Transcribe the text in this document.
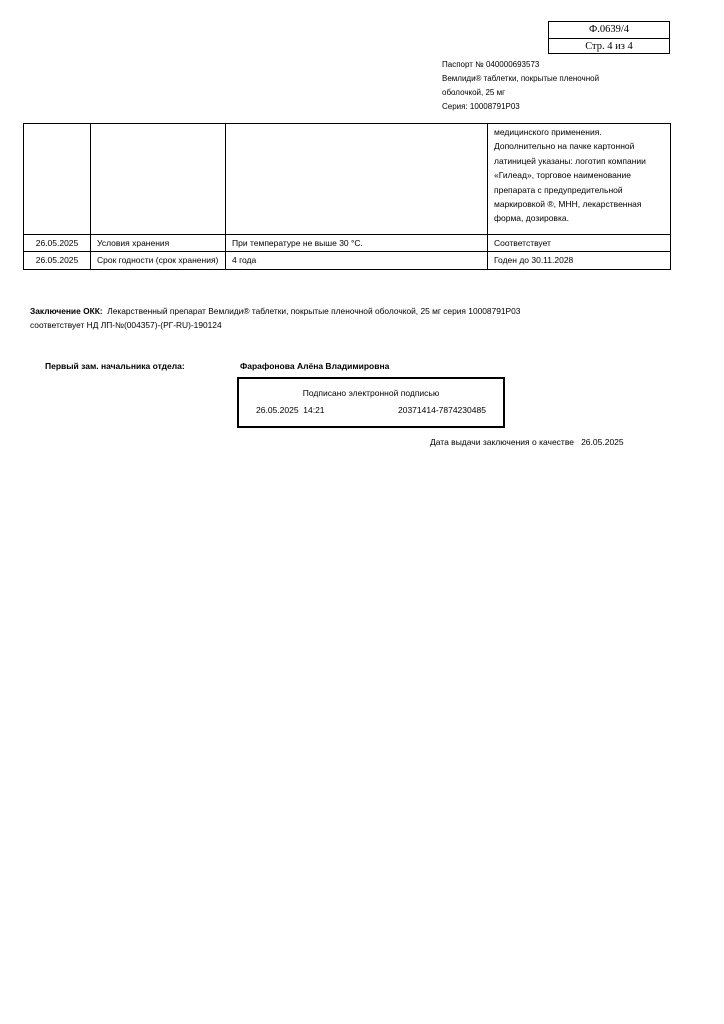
Ф.0639/4
Стр. 4 из 4
Паспорт № 040000693573
Вемлиди® таблетки, покрытые пленочной
оболочкой, 25 мг
Серия: 10008791P03
			медицинского применения. Дополнительно на пачке картонной латиницей указаны: логотип компании «Гилеад», торговое наименование препарата с предупредительной маркировкой ®, МНН, лекарственная форма, дозировка.
26.05.2025	Условия хранения	При температуре не выше 30 °С.	Соответствует
26.05.2025	Срок годности (срок хранения)	4 года	Годен до 30.11.2028
Заключение ОКК: Лекарственный препарат Вемлиди® таблетки, покрытые пленочной оболочкой, 25 мг серия 10008791P03
соответствует НД ЛП-№(004357)-(РГ-RU)-190124
Первый зам. начальника отдела:	Фарафонова Алёна Владимировна
Подписано электронной подписью
26.05.2025  14:21	20371414-7874230485
Дата выдачи заключения о качестве 26.05.2025
